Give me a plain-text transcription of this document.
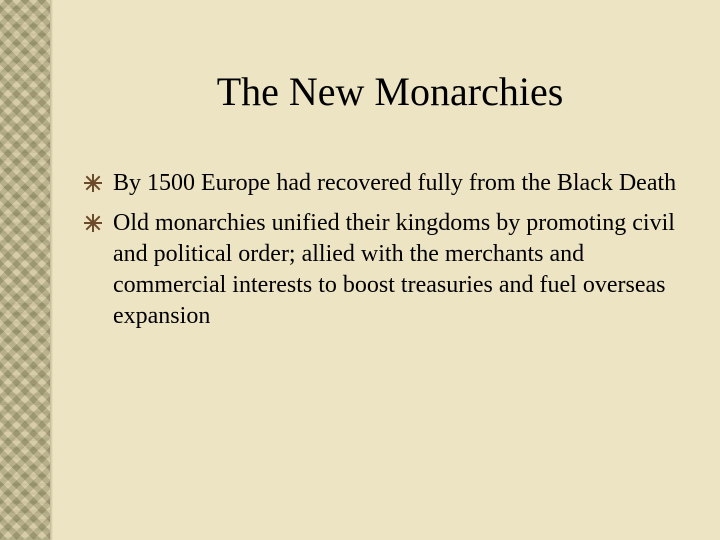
The New Monarchies
By 1500 Europe had recovered fully from the Black Death
Old monarchies unified their kingdoms by promoting civil and political order; allied with the merchants and commercial interests to boost treasuries and fuel overseas expansion
